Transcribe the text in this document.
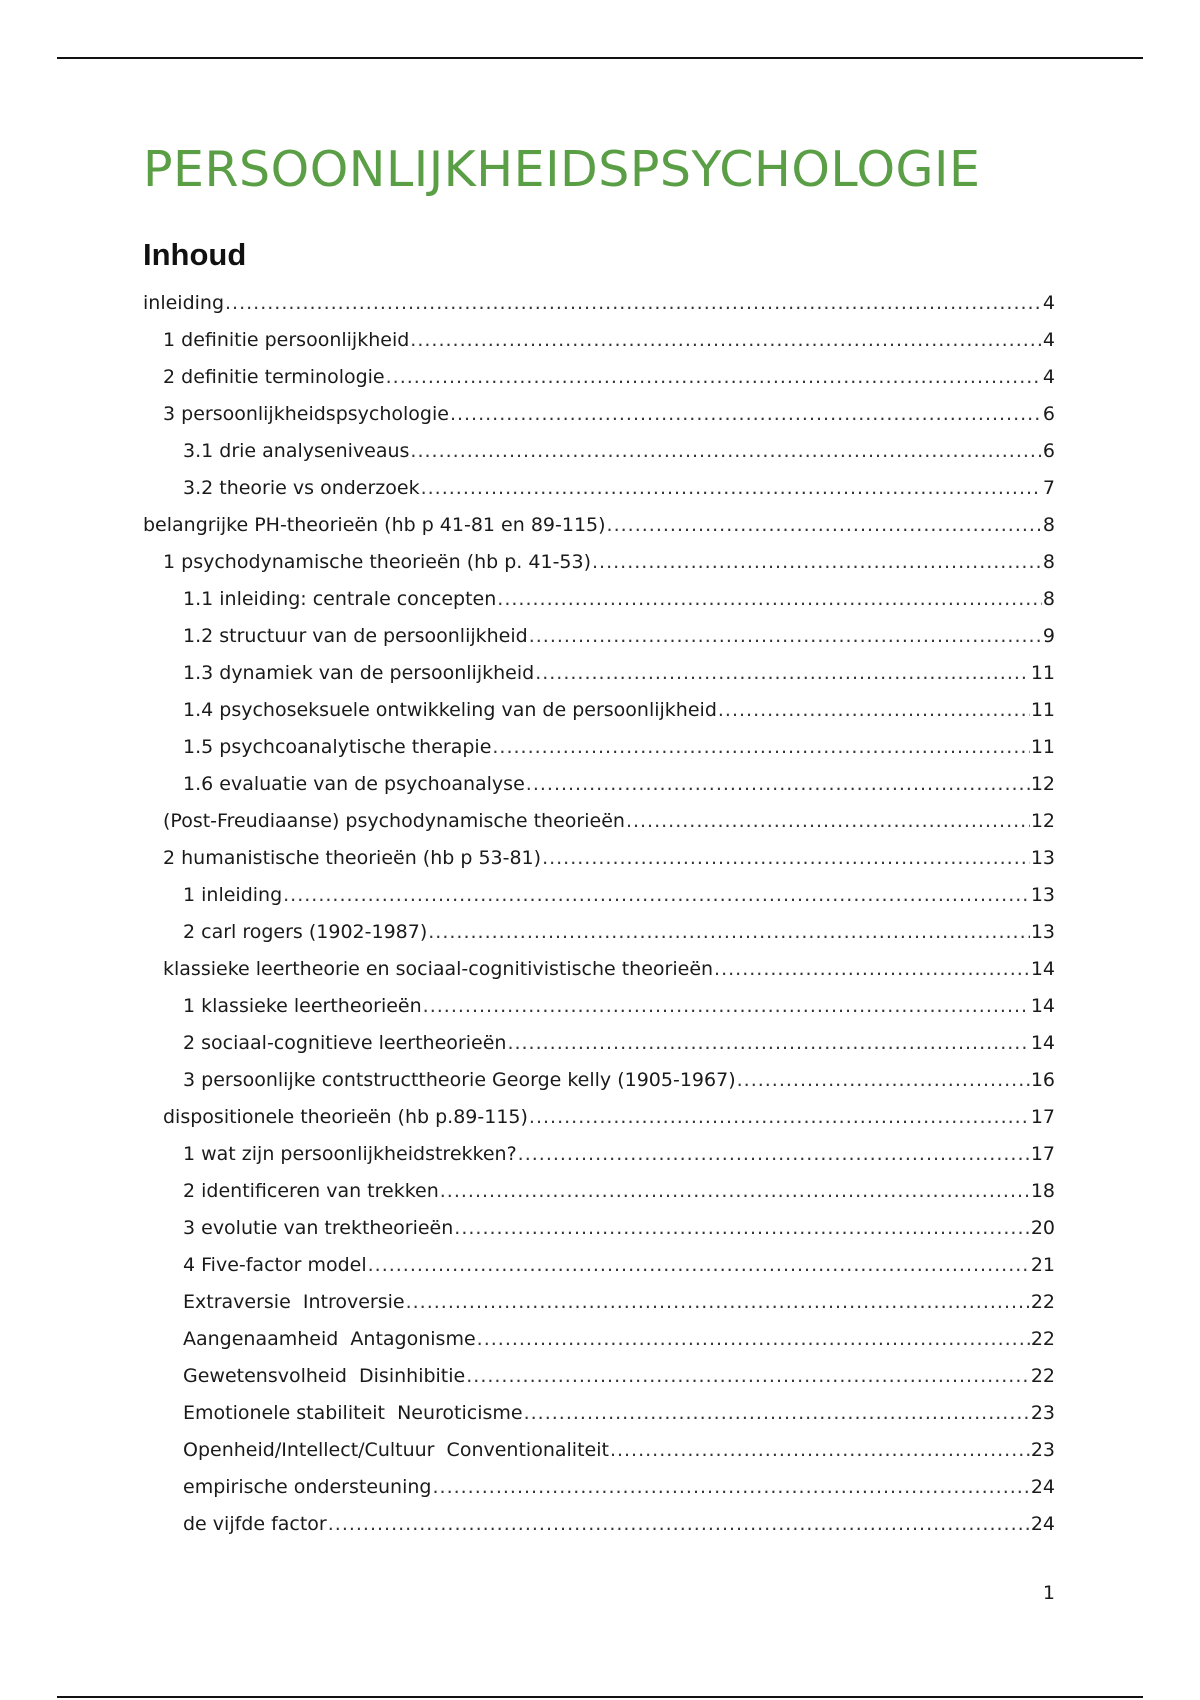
PERSOONLIJKHEIDSPSYCHOLOGIE
Inhoud
inleiding .....	4
1 definitie persoonlijkheid .....	4
2 definitie terminologie .....	4
3 persoonlijkheidspsychologie .....	6
3.1 drie analyseniveaus .....	6
3.2 theorie vs onderzoek .....	7
belangrijke PH-theorieën (hb p 41-81 en 89-115) .....	8
1 psychodynamische theorieën (hb p. 41-53) .....	8
1.1 inleiding: centrale concepten .....	8
1.2 structuur van de persoonlijkheid .....	9
1.3 dynamiek van de persoonlijkheid .....	11
1.4 psychoseksuele ontwikkeling van de persoonlijkheid .....	11
1.5 psychcoanalytische therapie .....	11
1.6 evaluatie van de psychoanalyse .....	12
(Post-Freudiaanse) psychodynamische theorieën .....	12
2 humanistische theorieën (hb p 53-81) .....	13
1 inleiding .....	13
2 carl rogers (1902-1987) .....	13
klassieke leertheorie en sociaal-cognitivistische theorieën .....	14
1 klassieke leertheorieën .....	14
2 sociaal-cognitieve leertheorieën .....	14
3 persoonlijke contstructtheorie George kelly (1905-1967) .....	16
dispositionele theorieën (hb p.89-115) .....	17
1 wat zijn persoonlijkheidstrekken? .....	17
2 identificeren van trekken .....	18
3 evolutie van trektheorieën .....	20
4 Five-factor model .....	21
Extraversie  Introversie .....	22
Aangenaamheid  Antagonisme .....	22
Gewetensvolheid  Disinhibitie .....	22
Emotionele stabiliteit  Neuroticisme .....	23
Openheid/Intellect/Cultuur  Conventionaliteit .....	23
empirische ondersteuning .....	24
de vijfde factor .....	24
1
